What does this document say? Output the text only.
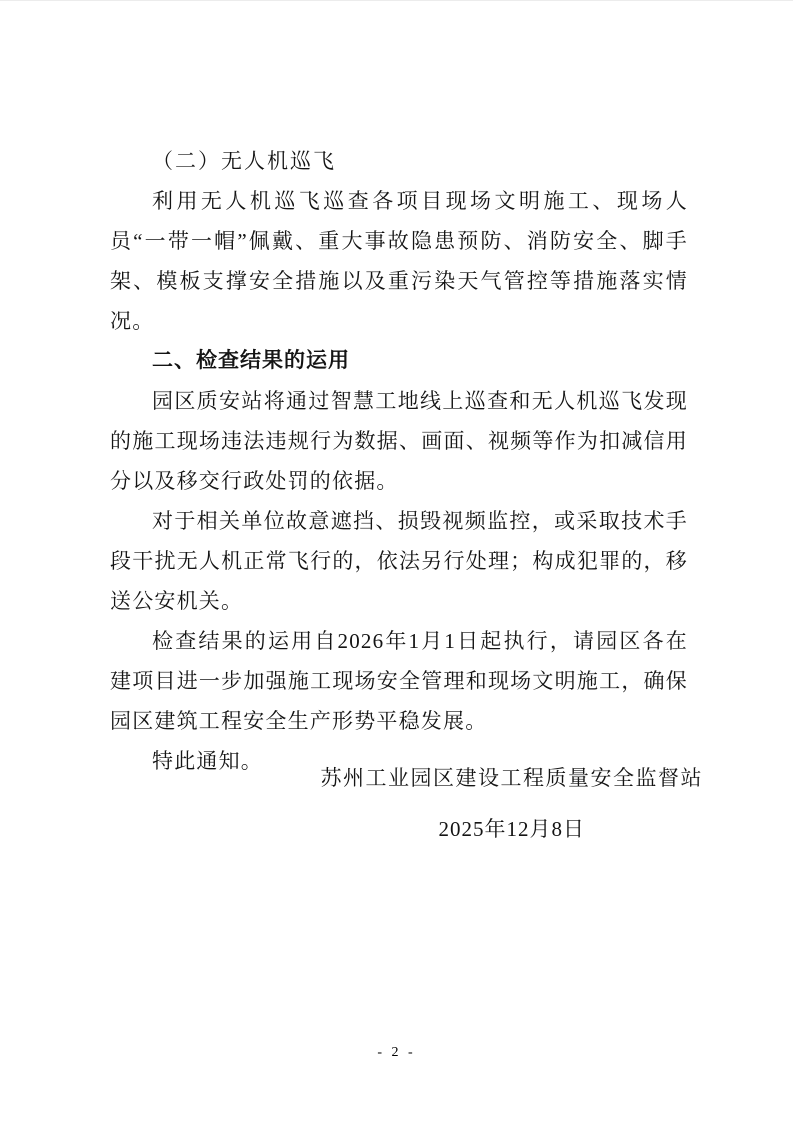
（二）无人机巡飞

利用无人机巡飞巡查各项目现场文明施工、现场人员“一带一帽”佩戴、重大事故隐患预防、消防安全、脚手架、模板支撑安全措施以及重污染天气管控等措施落实情况。

二、检查结果的运用

园区质安站将通过智慧工地线上巡查和无人机巡飞发现的施工现场违法违规行为数据、画面、视频等作为扣减信用分以及移交行政处罚的依据。

对于相关单位故意遮挡、损毁视频监控，或采取技术手段干扰无人机正常飞行的，依法另行处理；构成犯罪的，移送公安机关。

检查结果的运用自2026年1月1日起执行，请园区各在建项目进一步加强施工现场安全管理和现场文明施工，确保园区建筑工程安全生产形势平稳发展。

特此通知。

苏州工业园区建设工程质量安全监督站
2025年12月8日
- 2 -
